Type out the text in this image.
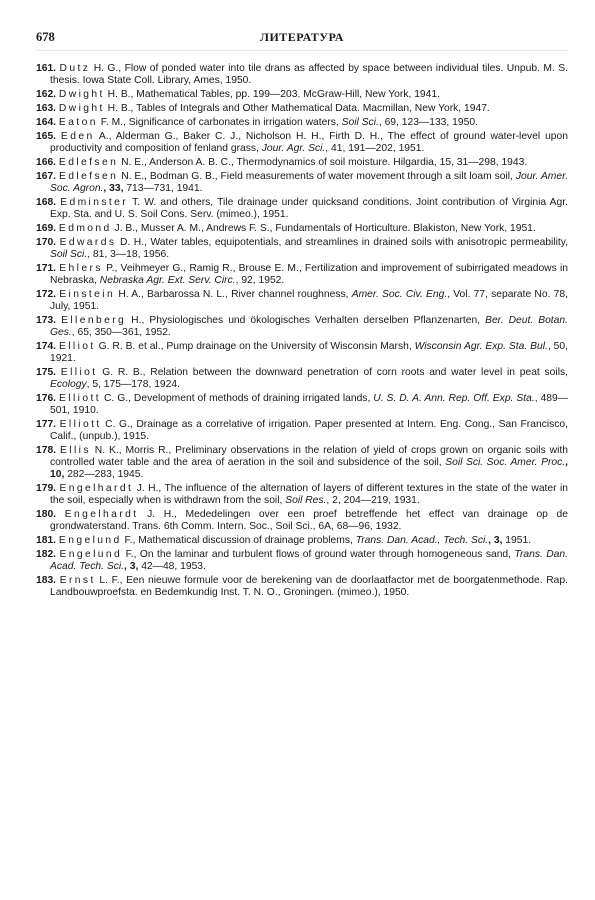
678	ЛИТЕРАТУРА

161. Dutz H. G., Flow of ponded water into tile drans as affected by space between individual tiles. Unpub. M. S. thesis. Iowa State Coll. Library, Ames, 1950.

162. Dwight H. B., Mathematical Tables, pp. 199—203. McGraw-Hill, New York, 1941.

163. Dwight H. B., Tables of Integrals and Other Mathematical Data. Macmillan, New York, 1947.

164. Eaton F. M., Significance of carbonates in irrigation waters, Soil Sci., 69, 123—133, 1950.

165. Eden A., Alderman G., Baker C. J., Nicholson H. H., Firth D. H., The effect of ground water-level upon productivity and composition of fenland grass, Jour. Agr. Sci., 41, 191—202, 1951.

166. Edlefsen N. E., Anderson A. B. C., Thermodynamics of soil moisture. Hilgardia, 15, 31—298, 1943.

167. Edlefsen N. E., Bodman G. B., Field measurements of water movement through a silt loam soil, Jour. Amer. Soc. Agron., 33, 713—731, 1941.

168. Edminster T. W. and others, Tile drainage under quicksand conditions. Joint contribution of Virginia Agr. Exp. Sta. and U. S. Soil Cons. Serv. (mimeo.), 1951.

169. Edmond J. B., Musser A. M., Andrews F. S., Fundamentals of Horticulture. Blakiston, New York, 1951.

170. Edwards D. H., Water tables, equipotentials, and streamlines in drained soils with anisotropic permeability, Soil Sci., 81, 3—18, 1956.

171. Ehlers P., Veihmeyer G., Ramig R., Brouse E. M., Fertilization and improvement of subirrigated meadows in Nebraska, Nebraska Agr. Ext. Serv. Circ., 92, 1952.

172. Einstein H. A., Barbarossa N. L., River channel roughness, Amer. Soc. Civ. Eng., Vol. 77, separate No. 78, July, 1951.

173. Ellenberg H., Physiologisches und ökologisches Verhalten derselben Pflanzenarten, Ber. Deut. Botan. Ges., 65, 350—361, 1952.

174. Elliot G. R. B. et al., Pump drainage on the University of Wisconsin Marsh, Wisconsin Agr. Exp. Sta. Bul., 50, 1921.

175. Elliot G. R. B., Relation between the downward penetration of corn roots and water level in peat soils, Ecology, 5, 175—178, 1924.

176. Elliott C. G., Development of methods of draining irrigated lands, U. S. D. A. Ann. Rep. Off. Exp. Sta., 489—501, 1910.

177. Elliott C. G., Drainage as a correlative of irrigation. Paper presented at Intern. Eng. Cong., San Francisco, Calif., (unpub.), 1915.

178. Ellis N. K., Morris R., Preliminary observations in the relation of yield of crops grown on organic soils with controlled water table and the area of aeration in the soil and subsidence of the soil, Soil Sci. Soc. Amer. Proc., 10, 282—283, 1945.

179. Engelhardt J. H., The influence of the alternation of layers of different textures in the state of the water in the soil, especially when is withdrawn from the soil, Soil Res., 2, 204—219, 1931.

180. Engelhardt J. H., Mededelingen over een proef betreffende het effect van drainage op de grondwaterstand. Trans. 6th Comm. Intern. Soc., Soil Sci., 6A, 68—96, 1932.

181. Engelund F., Mathematical discussion of drainage problems, Trans. Dan. Acad., Tech. Sci., 3, 1951.

182. Engelund F., On the laminar and turbulent flows of ground water through homogeneous sand, Trans. Dan. Acad. Tech. Sci., 3, 42—48, 1953.

183. Ernst L. F., Een nieuwe formule voor de berekening van de doorlaatfactor met de boorgatenmethode. Rap. Landbouwproefsta. en Bedemkundig Inst. T. N. O., Groningen. (mimeo.), 1950.
